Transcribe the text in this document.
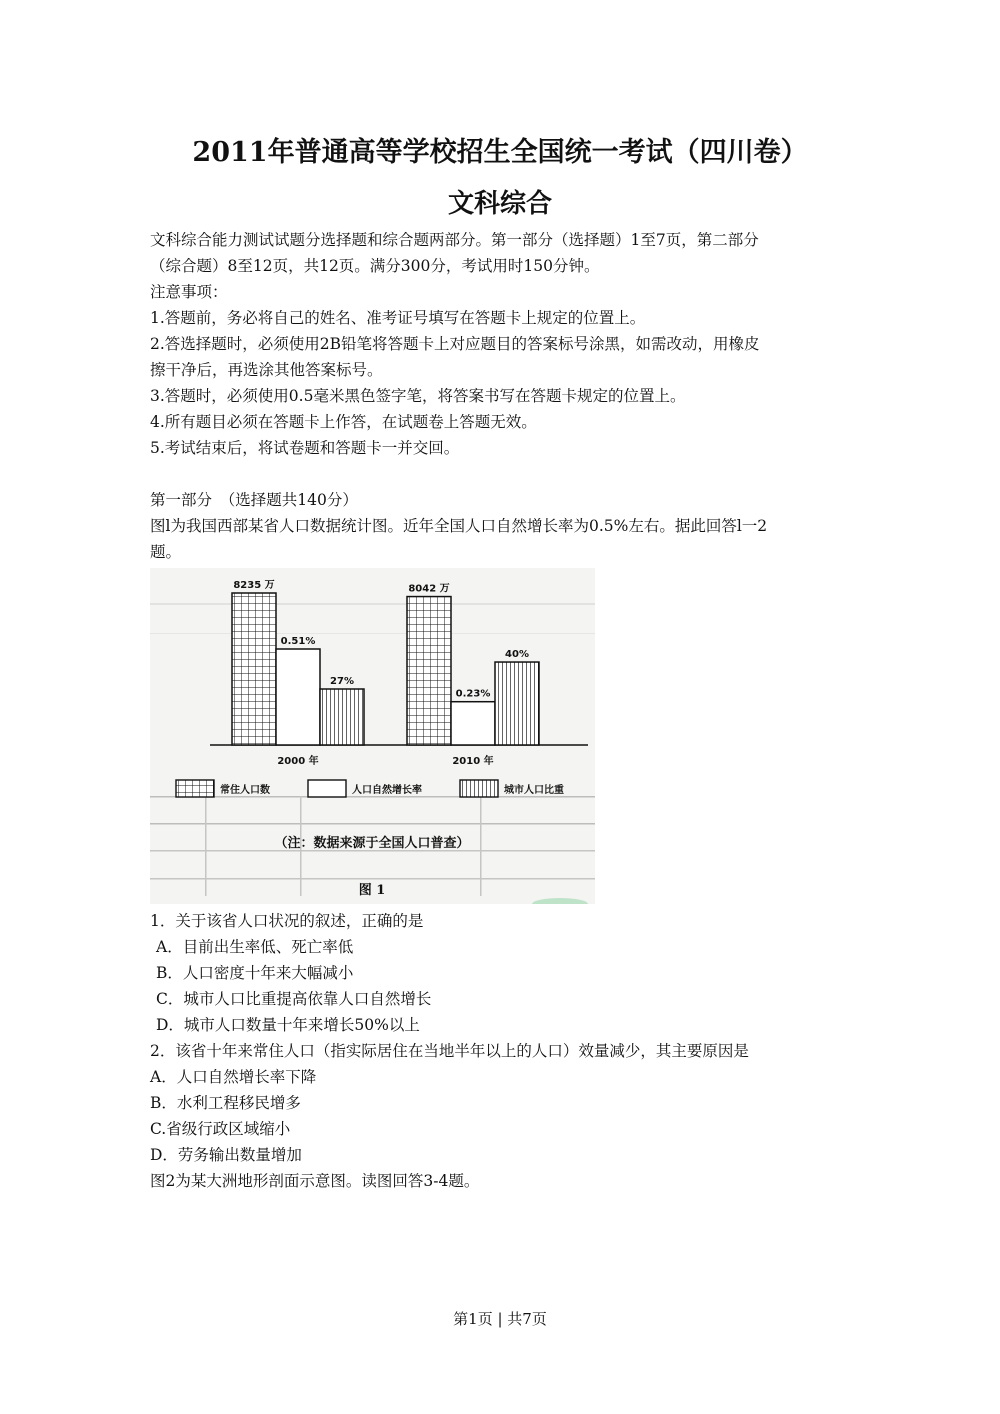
2011年普通高等学校招生全国统一考试（四川卷）
文科综合
文科综合能力测试试题分选择题和综合题两部分。第一部分（选择题）1至7页，第二部分
（综合题）8至12页，共12页。满分300分，考试用时150分钟。
注意事项：
1.答题前，务必将自己的姓名、准考证号填写在答题卡上规定的位置上。
2.答选择题时，必须使用2B铅笔将答题卡上对应题目的答案标号涂黑，如需改动，用橡皮
擦干净后，再选涂其他答案标号。
3.答题时，必须使用0.5毫米黑色签字笔，将答案书写在答题卡规定的位置上。
4.所有题目必须在答题卡上作答，在试题卷上答题无效。
5.考试结束后，将试卷题和答题卡一并交回。
第一部分　（选择题共140分）
图l为我国西部某省人口数据统计图。近年全国人口自然增长率为0.5%左右。据此回答l一2
题。
8235 万
0.51%
27%
2000 年
8042 万
0.23%
40%
2010 年
常住人口数	人口自然增长率	城市人口比重
（注：数据来源于全国人口普查）
图 1
1．关于该省人口状况的叙述，正确的是
A．目前出生率低、死亡率低
B．人口密度十年来大幅减小
C．城市人口比重提高依靠人口自然增长
D．城市人口数量十年来增长50%以上
2．该省十年来常住人口（指实际居住在当地半年以上的人口）效量减少，其主要原因是
A．人口自然增长率下降
B．水利工程移民增多
C.省级行政区域缩小
D．劳务输出数量增加
图2为某大洲地形剖面示意图。读图回答3-4题。
第1页 | 共7页
